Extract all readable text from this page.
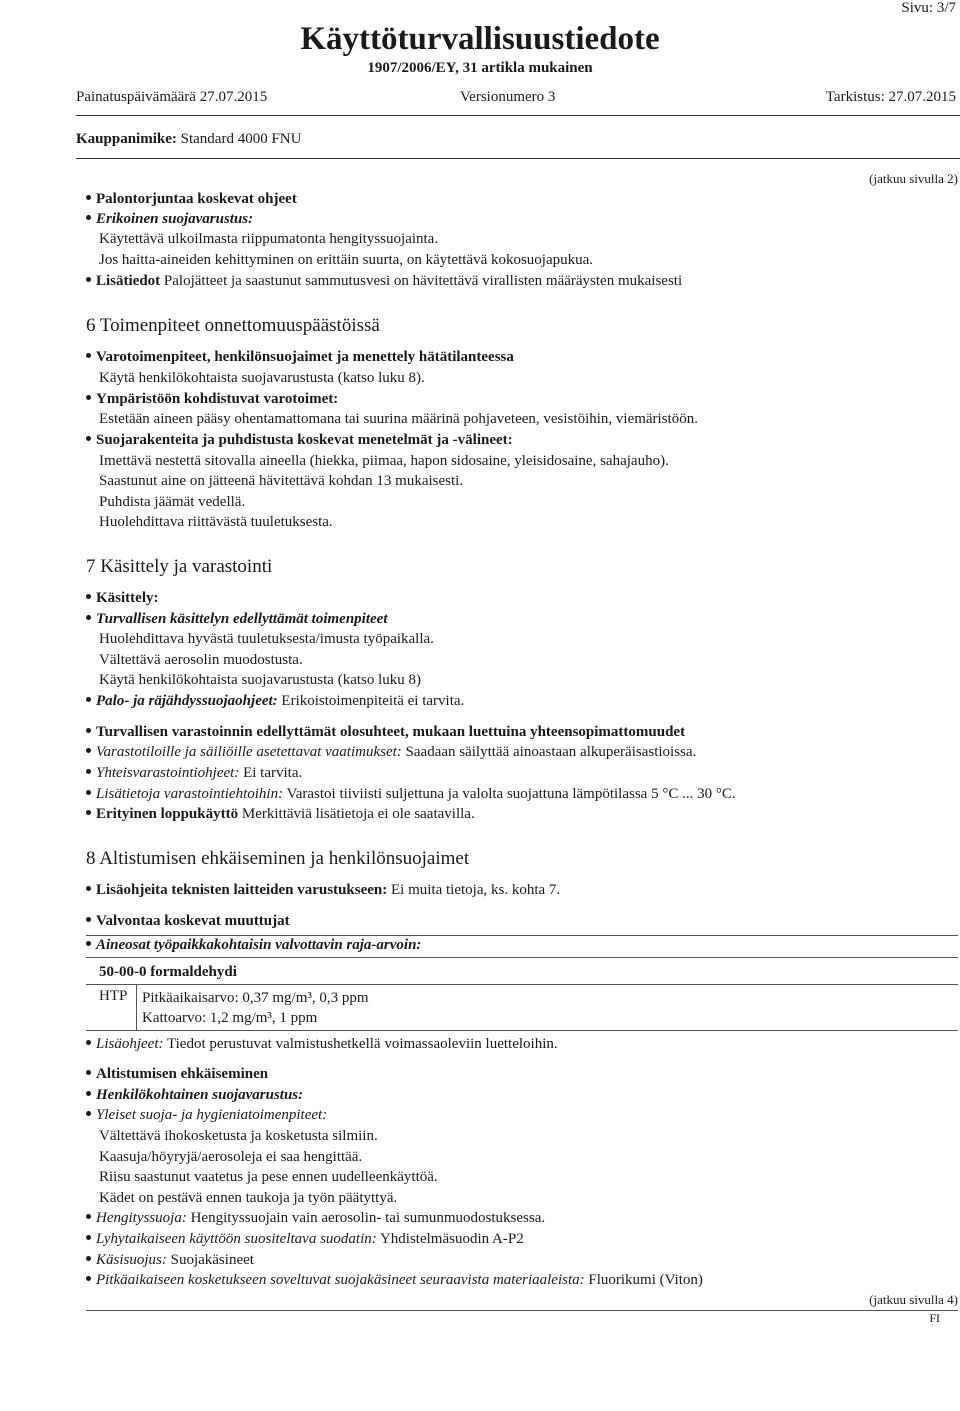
Sivu: 3/7
Käyttöturvallisuustiedote
1907/2006/EY, 31 artikla mukainen
Painatuspäivämäärä 27.07.2015	Versionumero 3	Tarkistus: 27.07.2015
Kauppanimike: Standard 4000 FNU
(jatkuu sivulla 2)
Palontorjuntaa koskevat ohjeet
Erikoinen suojavarustus:
Käytettävä ulkoilmasta riippumatonta hengityssuojainta.
Jos haitta-aineiden kehittyminen on erittäin suurta, on käytettävä kokosuojapukua.
Lisätiedot Palojätteet ja saastunut sammutusvesi on hävitettävä virallisten määräysten mukaisesti
6 Toimenpiteet onnettomuuspäästöissä
Varotoimenpiteet, henkilönsuojaimet ja menettely hätätilanteessa
Käytä henkilökohtaista suojavarustusta (katso luku 8).
Ympäristöön kohdistuvat varotoimet:
Estetään aineen pääsy ohentamattomana tai suurina määrinä pohjaveteen, vesistöihin, viemäristöön.
Suojarakenteita ja puhdistusta koskevat menetelmät ja -välineet:
Imettävä nestettä sitovalla aineella (hiekka, piimaa, hapon sidosaine, yleisidosaine, sahajauho).
Saastunut aine on jätteenä hävitettävä kohdan 13 mukaisesti.
Puhdista jäämät vedellä.
Huolehdittava riittävästä tuuletuksesta.
7 Käsittely ja varastointi
Käsittely:
Turvallisen käsittelyn edellyttämät toimenpiteet
Huolehdittava hyvästä tuuletuksesta/imusta työpaikalla.
Vältettävä aerosolin muodostusta.
Käytä henkilökohtaista suojavarustusta (katso luku 8)
Palo- ja räjähdyssuojaohjeet: Erikoistoimenpiteitä ei tarvita.
Turvallisen varastoinnin edellyttämät olosuhteet, mukaan luettuina yhteensopimattomuudet
Varastotiloille ja säiliöille asetettavat vaatimukset: Saadaan säilyttää ainoastaan alkuperäisastioissa.
Yhteisvarastointiohjeet: Ei tarvita.
Lisätietoja varastointiehtoihin: Varastoi tiiviisti suljettuna ja valolta suojattuna lämpötilassa 5 °C ... 30 °C.
Erityinen loppukäyttö Merkittäviä lisätietoja ei ole saatavilla.
8 Altistumisen ehkäiseminen ja henkilönsuojaimet
Lisäohjeita teknisten laitteiden varustukseen: Ei muita tietoja, ks. kohta 7.
Valvontaa koskevat muuttujat
Aineosat työpaikkakohtaisin valvottavin raja-arvoin:
50-00-0 formaldehydi
HTP Pitkäaikaisarvo: 0,37 mg/m³, 0,3 ppm
Kattoarvo: 1,2 mg/m³, 1 ppm
Lisäohjeet: Tiedot perustuvat valmistushetkellä voimassaoleviin luetteloihin.
Altistumisen ehkäiseminen
Henkilökohtainen suojavarustus:
Yleiset suoja- ja hygieniatoimenpiteet:
Vältettävä ihokosketusta ja kosketusta silmiin.
Kaasuja/höyryjä/aerosoleja ei saa hengittää.
Riisu saastunut vaatetus ja pese ennen uudelleenkäyttöä.
Kädet on pestävä ennen taukoja ja työn päätyttyä.
Hengityssuoja: Hengityssuojain vain aerosolin- tai sumunmuodostuksessa.
Lyhytaikaiseen käyttöön suositeltava suodatin: Yhdistelmäsuodin A-P2
Käsisuojus: Suojakäsineet
Pitkäaikaiseen kosketukseen soveltuvat suojakäsineet seuraavista materiaaleista: Fluorikumi (Viton)
(jatkuu sivulla 4)
FI
